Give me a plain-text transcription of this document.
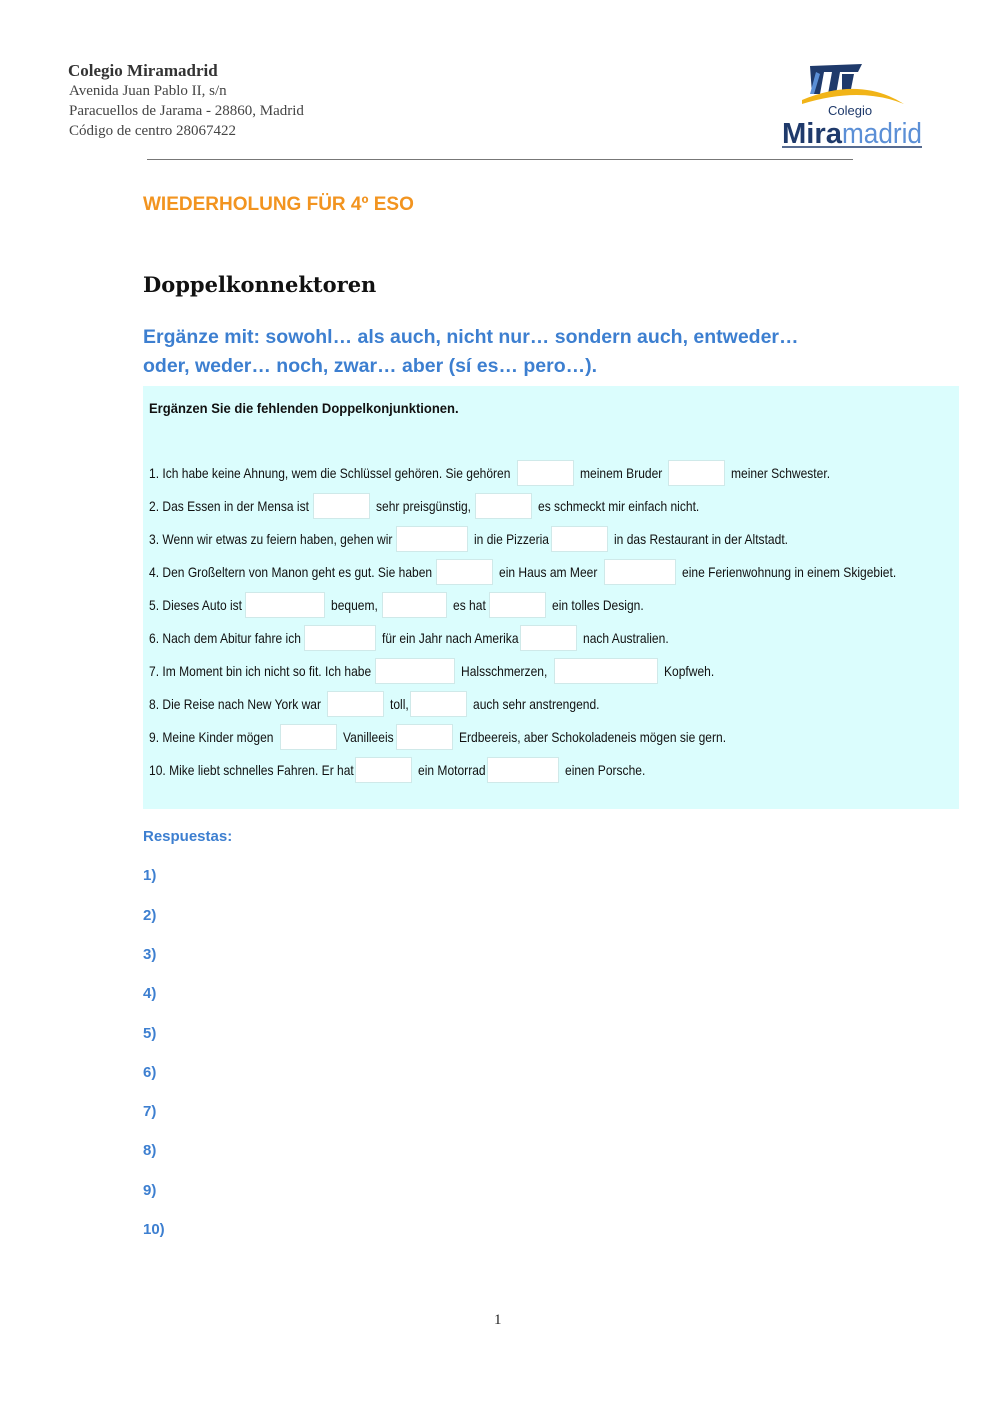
Colegio Miramadrid
Avenida Juan Pablo II, s/n
Paracuellos de Jarama - 28860, Madrid
Código de centro 28067422
Colegio
Mira madrid
WIEDERHOLUNG FÜR 4º ESO
Doppelkonnektoren
Ergänze mit: sowohl… als auch, nicht nur… sondern auch, entweder…
oder, weder… noch, zwar… aber (sí es… pero…).
Ergänzen Sie die fehlenden Doppelkonjunktionen.
1. Ich habe keine Ahnung, wem die Schlüssel gehören. Sie gehören	meinem Bruder	meiner Schwester.
2. Das Essen in der Mensa ist	sehr preisgünstig,	es schmeckt mir einfach nicht.
3. Wenn wir etwas zu feiern haben, gehen wir	in die Pizzeria	in das Restaurant in der Altstadt.
4. Den Großeltern von Manon geht es gut. Sie haben	ein Haus am Meer	eine Ferienwohnung in einem Skigebiet.
5. Dieses Auto ist	bequem,	es hat	ein tolles Design.
6. Nach dem Abitur fahre ich	für ein Jahr nach Amerika	nach Australien.
7. Im Moment bin ich nicht so fit. Ich habe	Halsschmerzen,	Kopfweh.
8. Die Reise nach New York war	toll,	auch sehr anstrengend.
9. Meine Kinder mögen	Vanilleeis	Erdbeereis, aber Schokoladeneis mögen sie gern.
10. Mike liebt schnelles Fahren. Er hat	ein Motorrad	einen Porsche.
Respuestas:
1)
2)
3)
4)
5)
6)
7)
8)
9)
10)
1
